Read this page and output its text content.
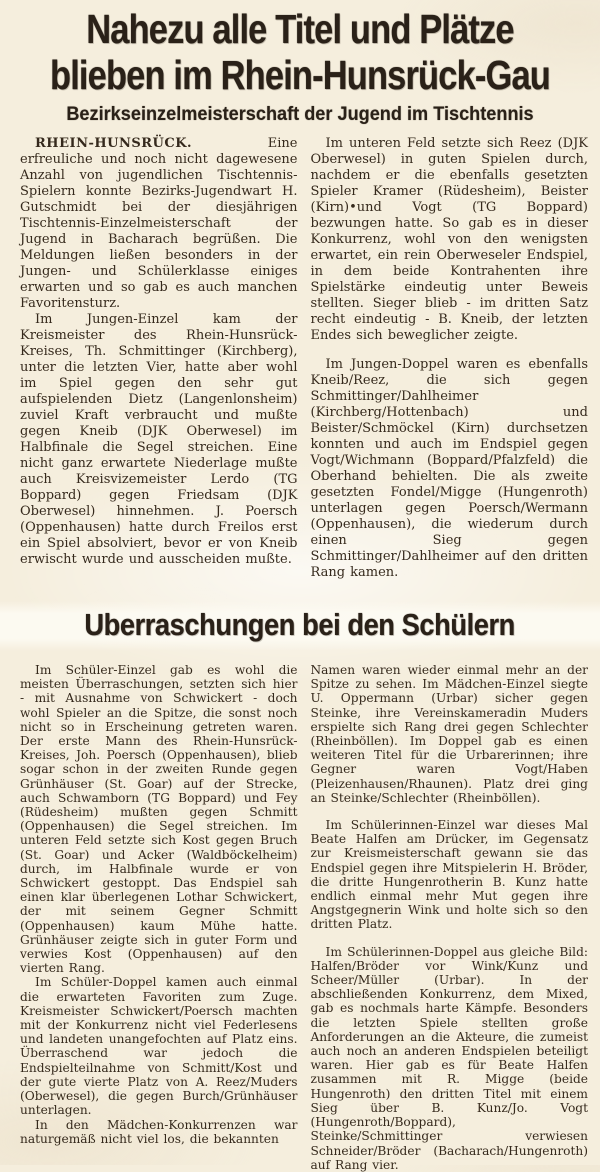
Nahezu alle Titel und Plätze
blieben im Rhein-Hunsrück-Gau
Bezirkseinzelmeisterschaft der Jugend im Tischtennis

RHEIN-HUNSRÜCK.	Eine erfreuliche und noch nicht dagewesene Anzahl von jugendlichen Tischtennis-Spielern konnte Bezirks-Jugendwart H. Gutschmidt bei der diesjährigen Tischtennis-Einzelmeisterschaft der Jugend in Bacharach begrüßen. Die Meldungen ließen besonders in der Jungen- und Schülerklasse einiges erwarten und so gab es auch manchen Favoritensturz.

Im Jungen-Einzel kam der Kreismeister des Rhein-Hunsrück-Kreises, Th. Schmittinger (Kirchberg), unter die letzten Vier, hatte aber wohl im Spiel gegen den sehr gut aufspielenden Dietz (Langenlonsheim) zuviel Kraft verbraucht und mußte gegen Kneib (DJK Oberwesel) im Halbfinale die Segel streichen. Eine nicht ganz erwartete Niederlage mußte auch Kreisvizemeister Lerdo (TG Boppard) gegen Friedsam (DJK Oberwesel) hinnehmen. J. Poersch (Oppenhausen) hatte durch Freilos erst ein Spiel absolviert, bevor er von Kneib erwischt wurde und ausscheiden mußte.

Im unteren Feld setzte sich Reez (DJK Oberwesel) in guten Spielen durch, nachdem er die ebenfalls gesetzten Spieler Kramer (Rüdesheim), Beister (Kirn)•und Vogt (TG Boppard) bezwungen hatte. So gab es in dieser Konkurrenz, wohl von den wenigsten erwartet, ein rein Oberweseler Endspiel, in dem beide Kontrahenten ihre Spielstärke eindeutig unter Beweis stellten. Sieger blieb - im dritten Satz recht eindeutig - B. Kneib, der letzten Endes sich beweglicher zeigte.

Im Jungen-Doppel waren es ebenfalls Kneib/Reez, die sich gegen Schmittinger/Dahlheimer (Kirchberg/Hottenbach) und Beister/Schmöckel (Kirn) durchsetzen konnten und auch im Endspiel gegen Vogt/Wichmann (Boppard/Pfalzfeld) die Oberhand behielten. Die als zweite gesetzten Fondel/Migge (Hungenroth) unterlagen gegen Poersch/Wermann (Oppenhausen), die wiederum durch einen Sieg gegen Schmittinger/Dahlheimer auf den dritten Rang kamen.

Uberraschungen bei den Schülern

Im Schüler-Einzel gab es wohl die meisten Überraschungen, setzten sich hier - mit Ausnahme von Schwickert - doch wohl Spieler an die Spitze, die sonst noch nicht so in Erscheinung getreten waren. Der erste Mann des Rhein-Hunsrück-Kreises, Joh. Poersch (Oppenhausen), blieb sogar schon in der zweiten Runde gegen Grünhäuser (St. Goar) auf der Strecke, auch Schwamborn (TG Boppard) und Fey (Rüdesheim) mußten gegen Schmitt (Oppenhausen) die Segel streichen. Im unteren Feld setzte sich Kost gegen Bruch (St. Goar) und Acker (Waldböckelheim) durch, im Halbfinale wurde er von Schwickert gestoppt. Das Endspiel sah einen klar überlegenen Lothar Schwickert, der mit seinem Gegner Schmitt (Oppenhausen) kaum Mühe hatte. Grünhäuser zeigte sich in guter Form und verwies Kost (Oppenhausen) auf den vierten Rang.

Im Schüler-Doppel kamen auch einmal die erwarteten Favoriten zum Zuge. Kreismeister Schwickert/Poersch machten mit der Konkurrenz nicht viel Federlesens und landeten unangefochten auf Platz eins. Überraschend war jedoch die Endspielteilnahme von Schmitt/Kost und der gute vierte Platz von A. Reez/Muders (Oberwesel), die gegen Burch/Grünhäuser unterlagen.

In den Mädchen-Konkurrenzen war naturgemäß nicht viel los, die bekannten

Namen waren wieder einmal mehr an der Spitze zu sehen. Im Mädchen-Einzel siegte U. Oppermann (Urbar) sicher gegen Steinke, ihre Vereinskameradin Muders erspielte sich Rang drei gegen Schlechter (Rheinböllen). Im Doppel gab es einen weiteren Titel für die Urbarerinnen; ihre Gegner waren Vogt/Haben (Pleizenhausen/Rhaunen). Platz drei ging an Steinke/Schlechter (Rheinböllen).

Im Schülerinnen-Einzel war dieses Mal Beate Halfen am Drücker, im Gegensatz zur Kreismeisterschaft gewann sie das Endspiel gegen ihre Mitspielerin H. Bröder, die dritte Hungenrotherin B. Kunz hatte endlich einmal mehr Mut gegen ihre Angstgegnerin Wink und holte sich so den dritten Platz.

Im Schülerinnen-Doppel aus gleiche Bild: Halfen/Bröder vor Wink/Kunz und Scheer/Müller (Urbar). In der abschließenden Konkurrenz, dem Mixed, gab es nochmals harte Kämpfe. Besonders die letzten Spiele stellten große Anforderungen an die Akteure, die zumeist auch noch an anderen Endspielen beteiligt waren. Hier gab es für Beate Halfen zusammen mit R. Migge (beide Hungenroth) den dritten Titel mit einem Sieg über B. Kunz/Jo. Vogt (Hungenroth/Boppard), Steinke/Schmittinger verwiesen Schneider/Bröder (Bacharach/Hungenroth) auf Rang vier.
